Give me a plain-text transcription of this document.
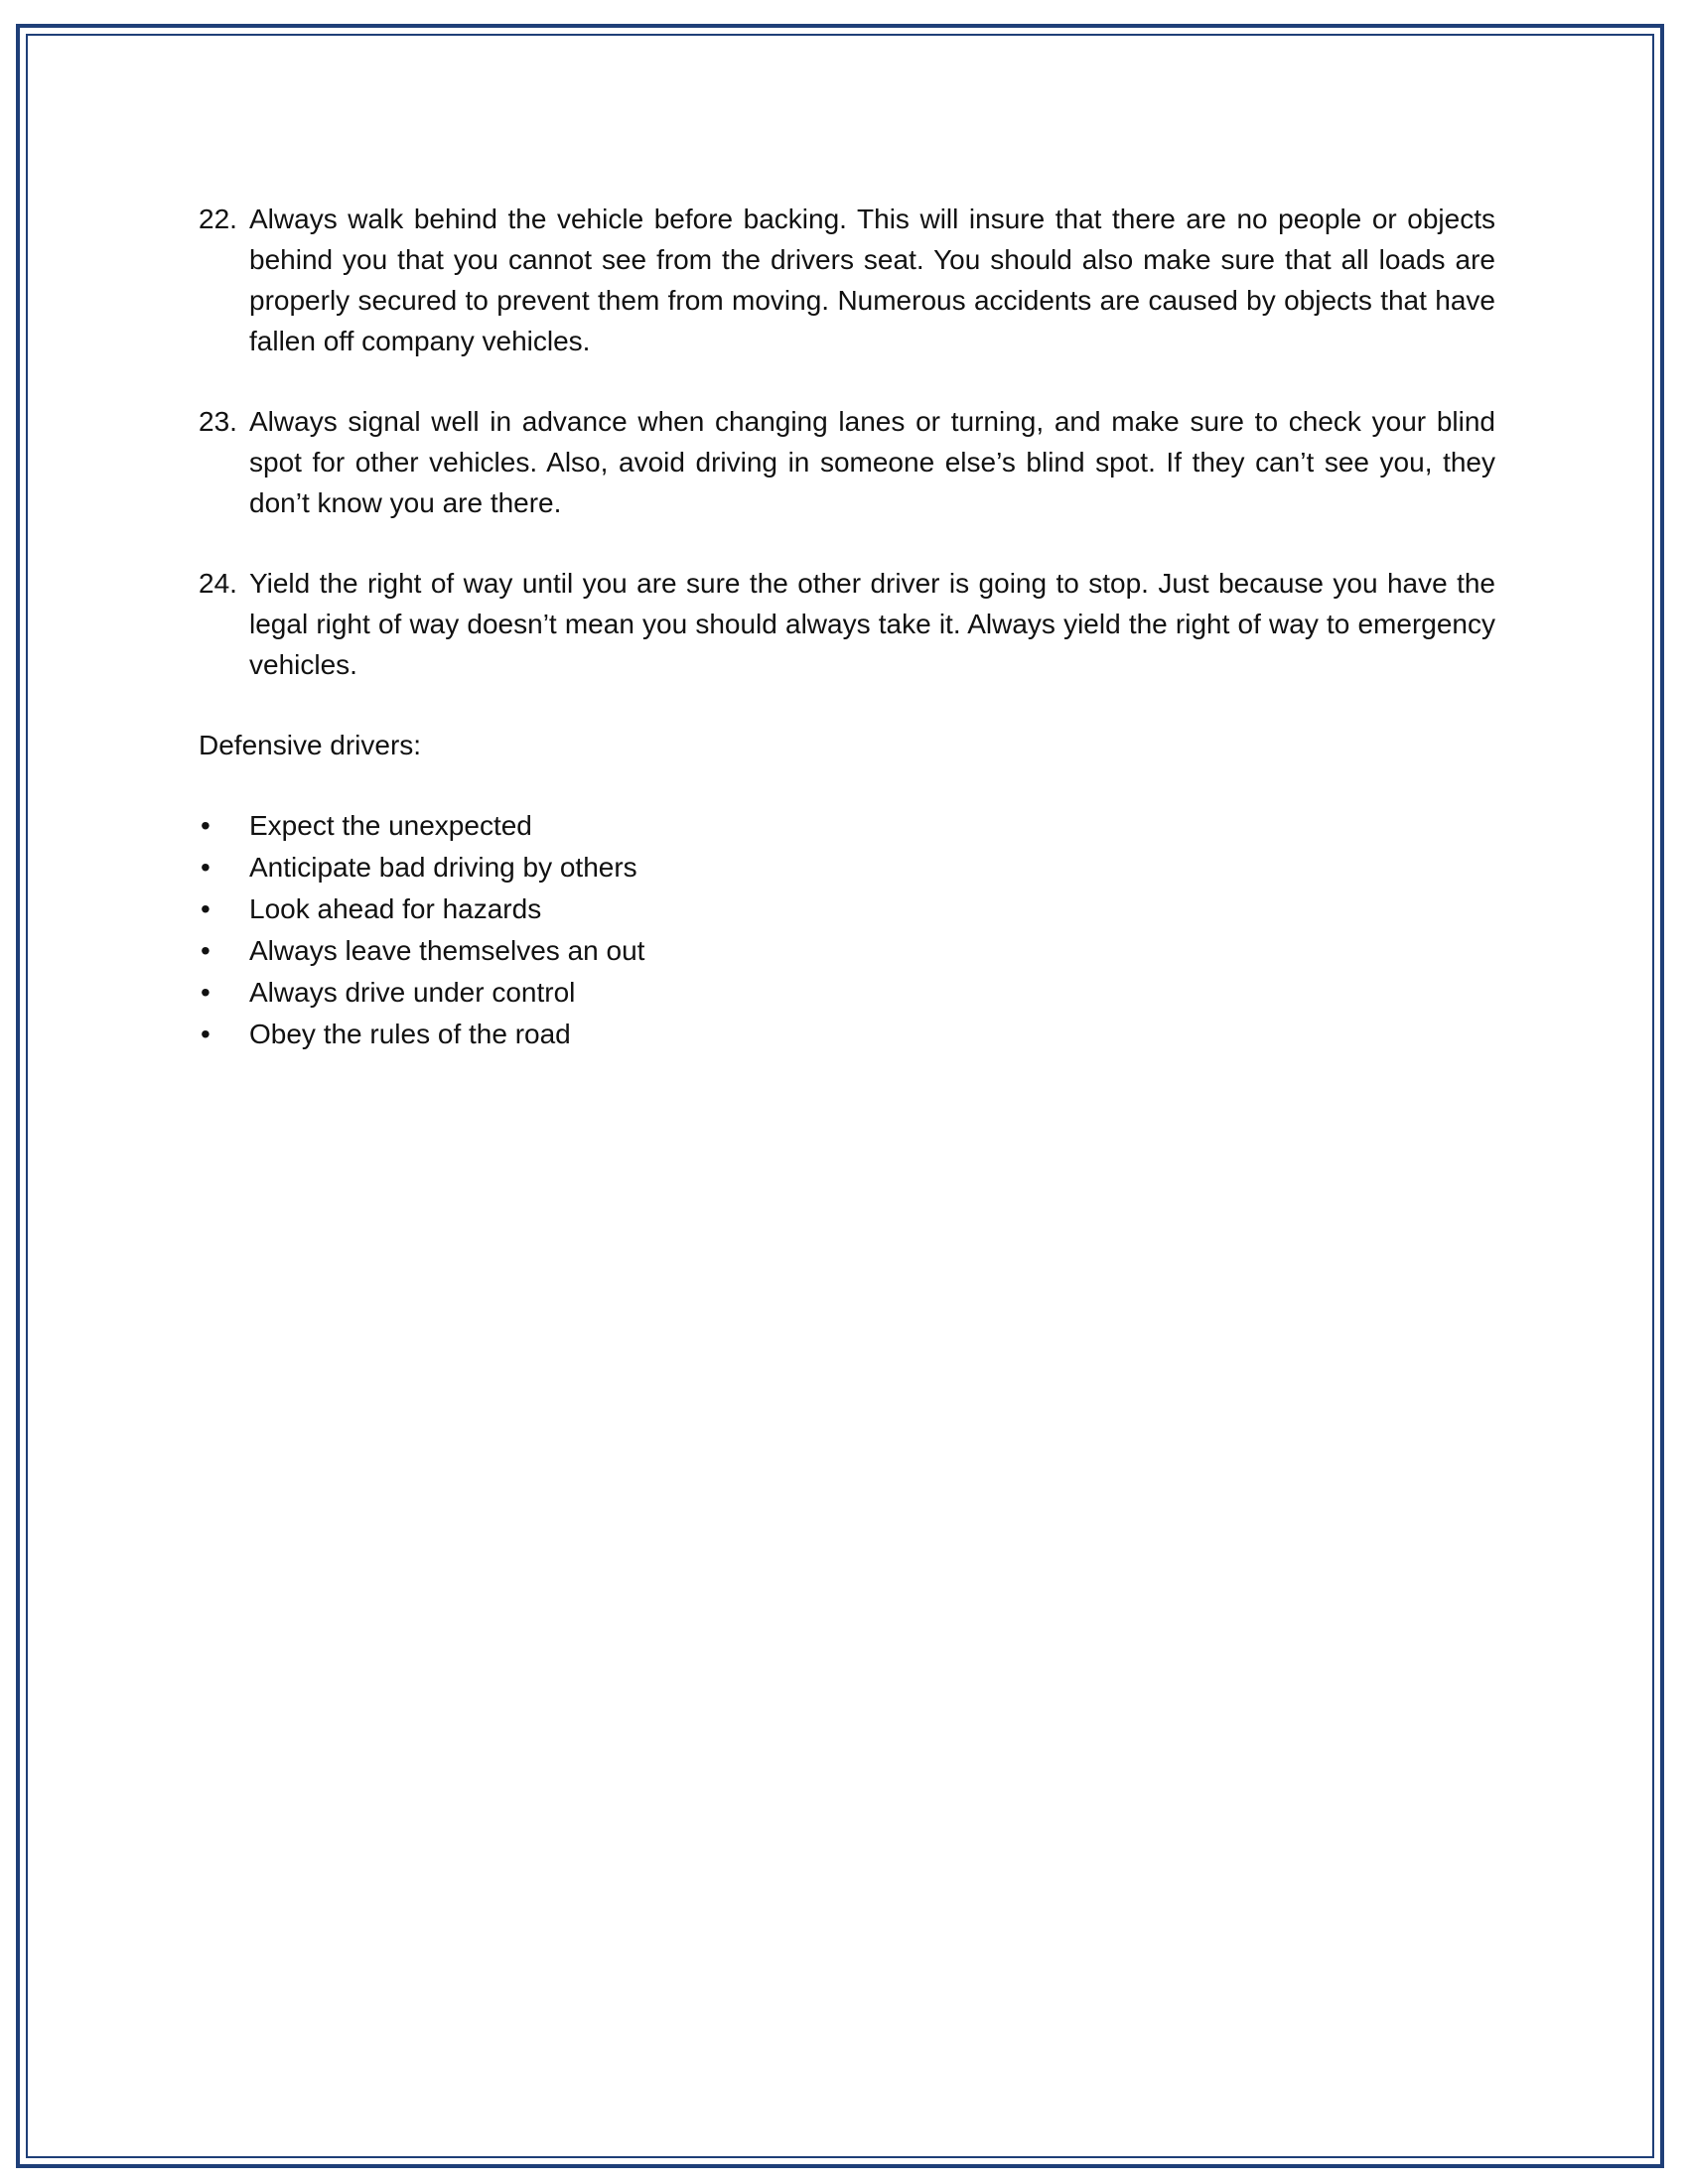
22. Always walk behind the vehicle before backing. This will insure that there are no people or objects behind you that you cannot see from the drivers seat. You should also make sure that all loads are properly secured to prevent them from moving. Numerous accidents are caused by objects that have fallen off company vehicles.
23. Always signal well in advance when changing lanes or turning, and make sure to check your blind spot for other vehicles. Also, avoid driving in someone else’s blind spot. If they can’t see you, they don’t know you are there.
24. Yield the right of way until you are sure the other driver is going to stop. Just because you have the legal right of way doesn’t mean you should always take it. Always yield the right of way to emergency vehicles.

Defensive drivers:

• Expect the unexpected
• Anticipate bad driving by others
• Look ahead for hazards
• Always leave themselves an out
• Always drive under control
• Obey the rules of the road
